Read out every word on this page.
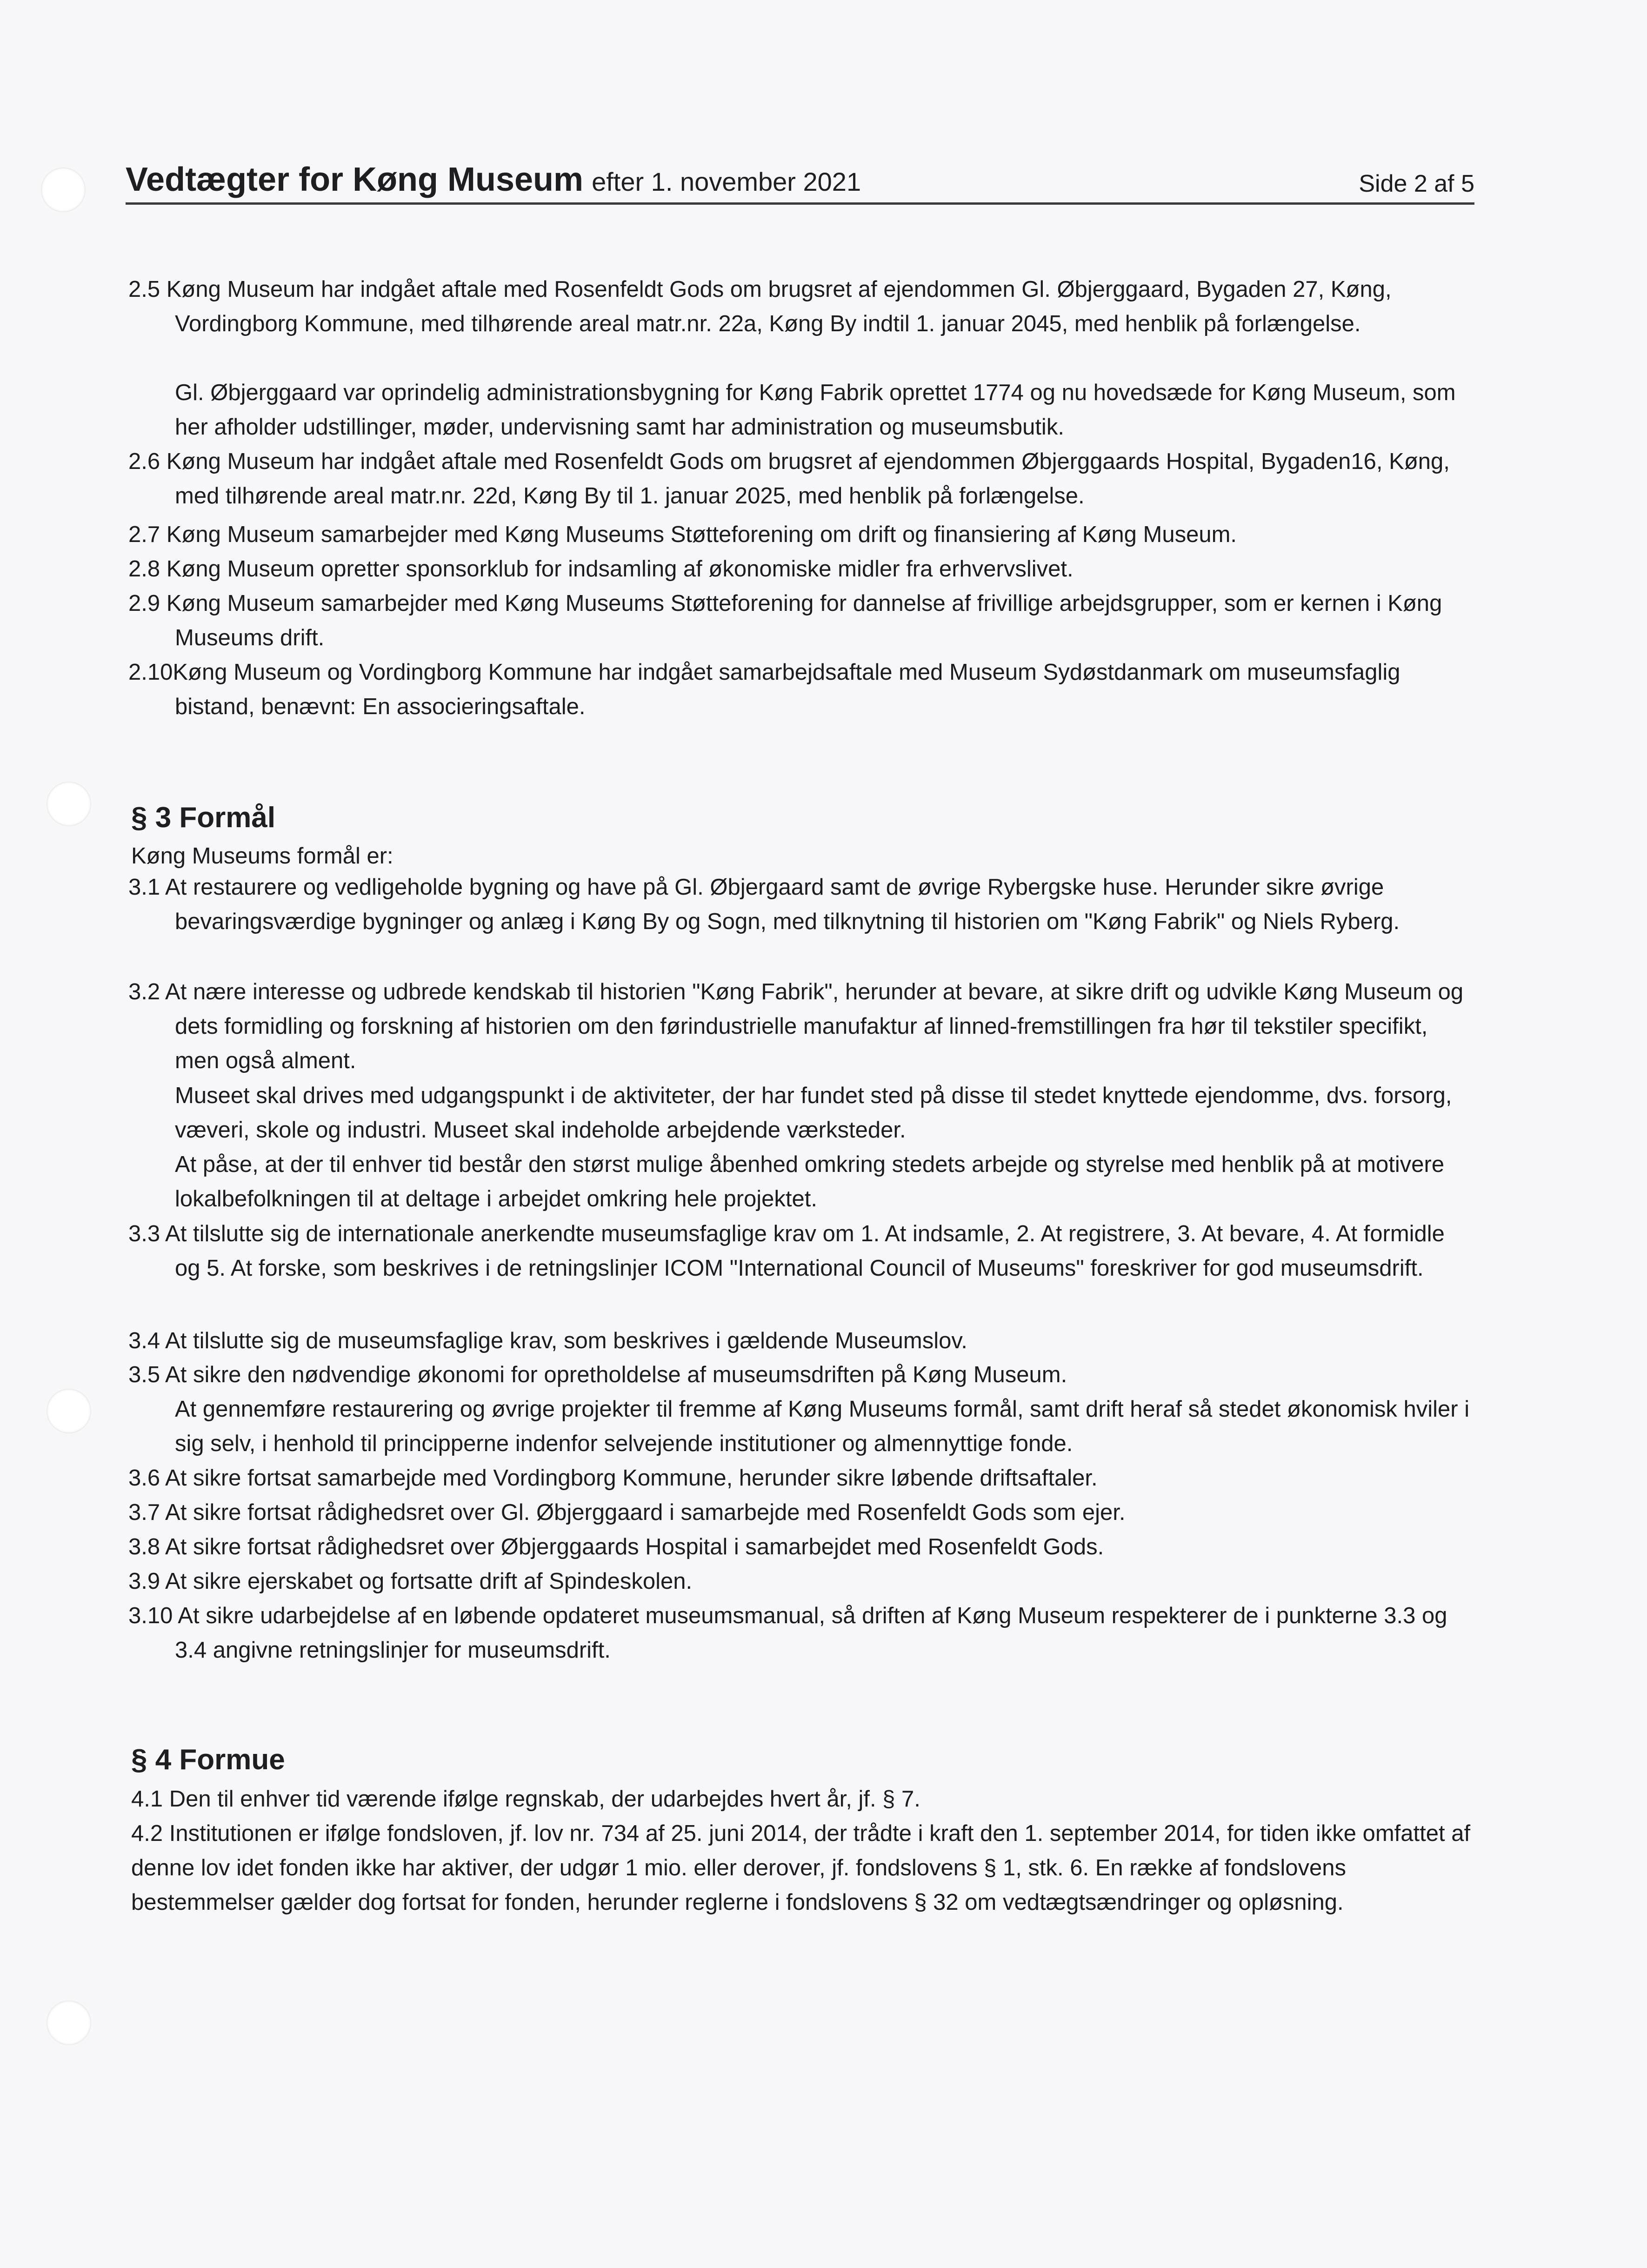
Vedtægter for Køng Museum efter 1. november 2021	Side 2 af 5
2.5 Køng Museum har indgået aftale med Rosenfeldt Gods om brugsret af ejendommen Gl. Øbjerggaard, Bygaden 27, Køng, Vordingborg Kommune, med tilhørende areal matr.nr. 22a, Køng By indtil 1. januar 2045, med henblik på forlængelse.
Gl. Øbjerggaard var oprindelig administrationsbygning for Køng Fabrik oprettet 1774 og nu hovedsæde for Køng Museum, som her afholder udstillinger, møder, undervisning samt har administration og museumsbutik.
2.6 Køng Museum har indgået aftale med Rosenfeldt Gods om brugsret af ejendommen Øbjerggaards Hospital, Bygaden16, Køng, med tilhørende areal matr.nr. 22d, Køng By til 1. januar 2025, med henblik på forlængelse.
2.7 Køng Museum samarbejder med Køng Museums Støtteforening om drift og finansiering af Køng Museum.
2.8 Køng Museum opretter sponsorklub for indsamling af økonomiske midler fra erhvervslivet.
2.9 Køng Museum samarbejder med Køng Museums Støtteforening for dannelse af frivillige arbejdsgrupper, som er kernen i Køng Museums drift.
2.10Køng Museum og Vordingborg Kommune har indgået samarbejdsaftale med Museum Sydøstdanmark om museumsfaglig bistand, benævnt: En associeringsaftale.
§ 3 Formål
Køng Museums formål er:
3.1 At restaurere og vedligeholde bygning og have på Gl. Øbjergaard samt de øvrige Rybergske huse. Herunder sikre øvrige bevaringsværdige bygninger og anlæg i Køng By og Sogn, med tilknytning til historien om "Køng Fabrik" og Niels Ryberg.
3.2 At nære interesse og udbrede kendskab til historien "Køng Fabrik", herunder at bevare, at sikre drift og udvikle Køng Museum og dets formidling og forskning af historien om den førindustrielle manufaktur af linned-fremstillingen fra hør til tekstiler specifikt, men også alment.
Museet skal drives med udgangspunkt i de aktiviteter, der har fundet sted på disse til stedet knyttede ejendomme, dvs. forsorg, væveri, skole og industri. Museet skal indeholde arbejdende værksteder.
At påse, at der til enhver tid består den størst mulige åbenhed omkring stedets arbejde og styrelse med henblik på at motivere lokalbefolkningen til at deltage i arbejdet omkring hele projektet.
3.3 At tilslutte sig de internationale anerkendte museumsfaglige krav om 1. At indsamle, 2. At registrere, 3. At bevare, 4. At formidle og 5. At forske, som beskrives i de retningslinjer ICOM "International Council of Museums" foreskriver for god museumsdrift.
3.4 At tilslutte sig de museumsfaglige krav, som beskrives i gældende Museumslov.
3.5 At sikre den nødvendige økonomi for opretholdelse af museumsdriften på Køng Museum.
At gennemføre restaurering og øvrige projekter til fremme af Køng Museums formål, samt drift heraf så stedet økonomisk hviler i sig selv, i henhold til principperne indenfor selvejende institutioner og almennyttige fonde.
3.6 At sikre fortsat samarbejde med Vordingborg Kommune, herunder sikre løbende driftsaftaler.
3.7 At sikre fortsat rådighedsret over Gl. Øbjerggaard i samarbejde med Rosenfeldt Gods som ejer.
3.8 At sikre fortsat rådighedsret over Øbjerggaards Hospital i samarbejdet med Rosenfeldt Gods.
3.9 At sikre ejerskabet og fortsatte drift af Spindeskolen.
3.10 At sikre udarbejdelse af en løbende opdateret museumsmanual, så driften af Køng Museum respekterer de i punkterne 3.3 og 3.4 angivne retningslinjer for museumsdrift.
§ 4 Formue
4.1 Den til enhver tid værende ifølge regnskab, der udarbejdes hvert år, jf. § 7.
4.2 Institutionen er ifølge fondsloven, jf. lov nr. 734 af 25. juni 2014, der trådte i kraft den 1. september 2014, for tiden ikke omfattet af denne lov idet fonden ikke har aktiver, der udgør 1 mio. eller derover, jf. fondslovens § 1, stk. 6. En række af fondslovens bestemmelser gælder dog fortsat for fonden, herunder reglerne i fondslovens § 32 om vedtægtsændringer og opløsning.
